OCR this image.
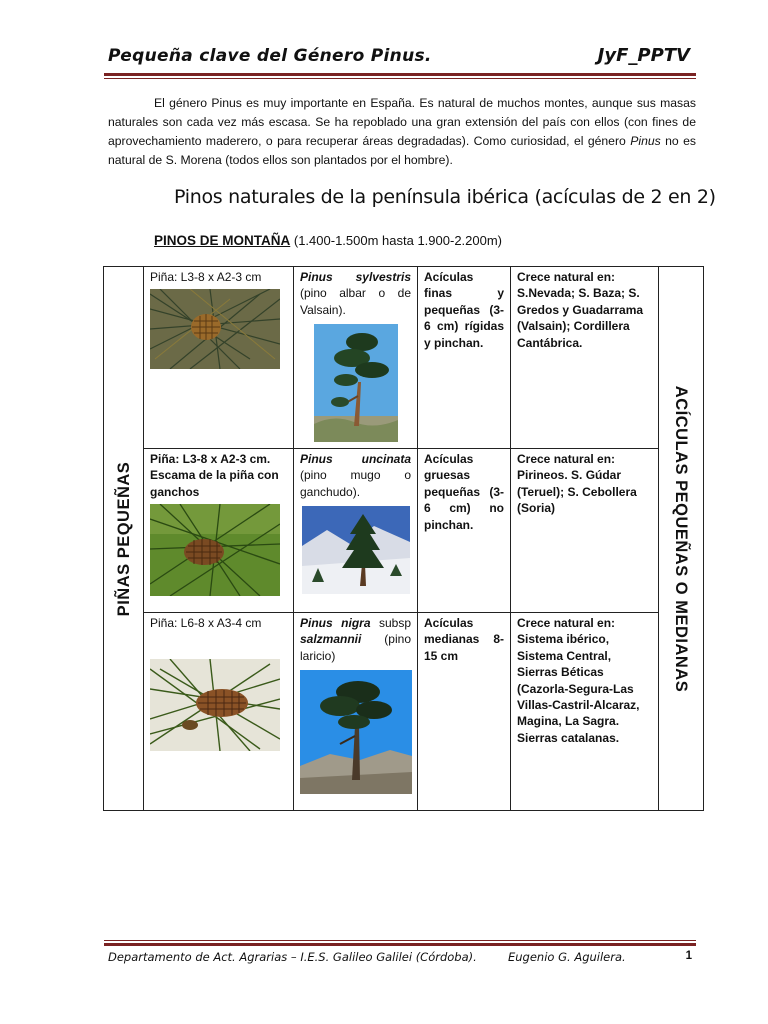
Pequeña clave del Género Pinus.	JyF_PPTV

El género Pinus es muy importante en España. Es natural de muchos montes, aunque sus masas naturales son cada vez más escasa. Se ha repoblado una gran extensión del país con ellos (con fines de aprovechamiento maderero, o para recuperar áreas degradadas). Como curiosidad, el género Pinus no es natural de S. Morena (todos ellos son plantados por el hombre).

Pinos naturales de la península ibérica (acículas de 2 en 2)
PINOS DE MONTAÑA (1.400-1.500m hasta 1.900-2.200m)
PIÑAS PEQUEÑAS	Piña: L3-8 x A2-3 cm	Pinus sylvestris (pino albar o de Valsain).	Acículas finas y pequeñas (3-6 cm) rígidas y pinchan.	Crece natural en: S.Nevada; S. Baza; S. Gredos y Guadarrama (Valsain); Cordillera Cantábrica.	ACÍCULAS PEQUEÑAS O MEDIANAS

	Piña: L3-8 x A2-3 cm. Escama de la piña con ganchos	Pinus uncinata (pino mugo o ganchudo).	Acículas gruesas pequeñas (3-6 cm) no pinchan.	Crece natural en: Pirineos. S. Gúdar (Teruel); S. Cebollera (Soria)	

	Piña: L6-8 x A3-4 cm	Pinus nigra subsp salzmannii (pino laricio)	Acículas medianas 8-15 cm	Crece natural en: Sistema ibérico, Sistema Central, Sierras Béticas (Cazorla-Segura-Las Villas-Castril-Alcaraz, Magina, La Sagra. Sierras catalanas.	
Departamento de Act. Agrarias – I.E.S. Galileo Galilei (Córdoba).	Eugenio G. Aguilera.	1
